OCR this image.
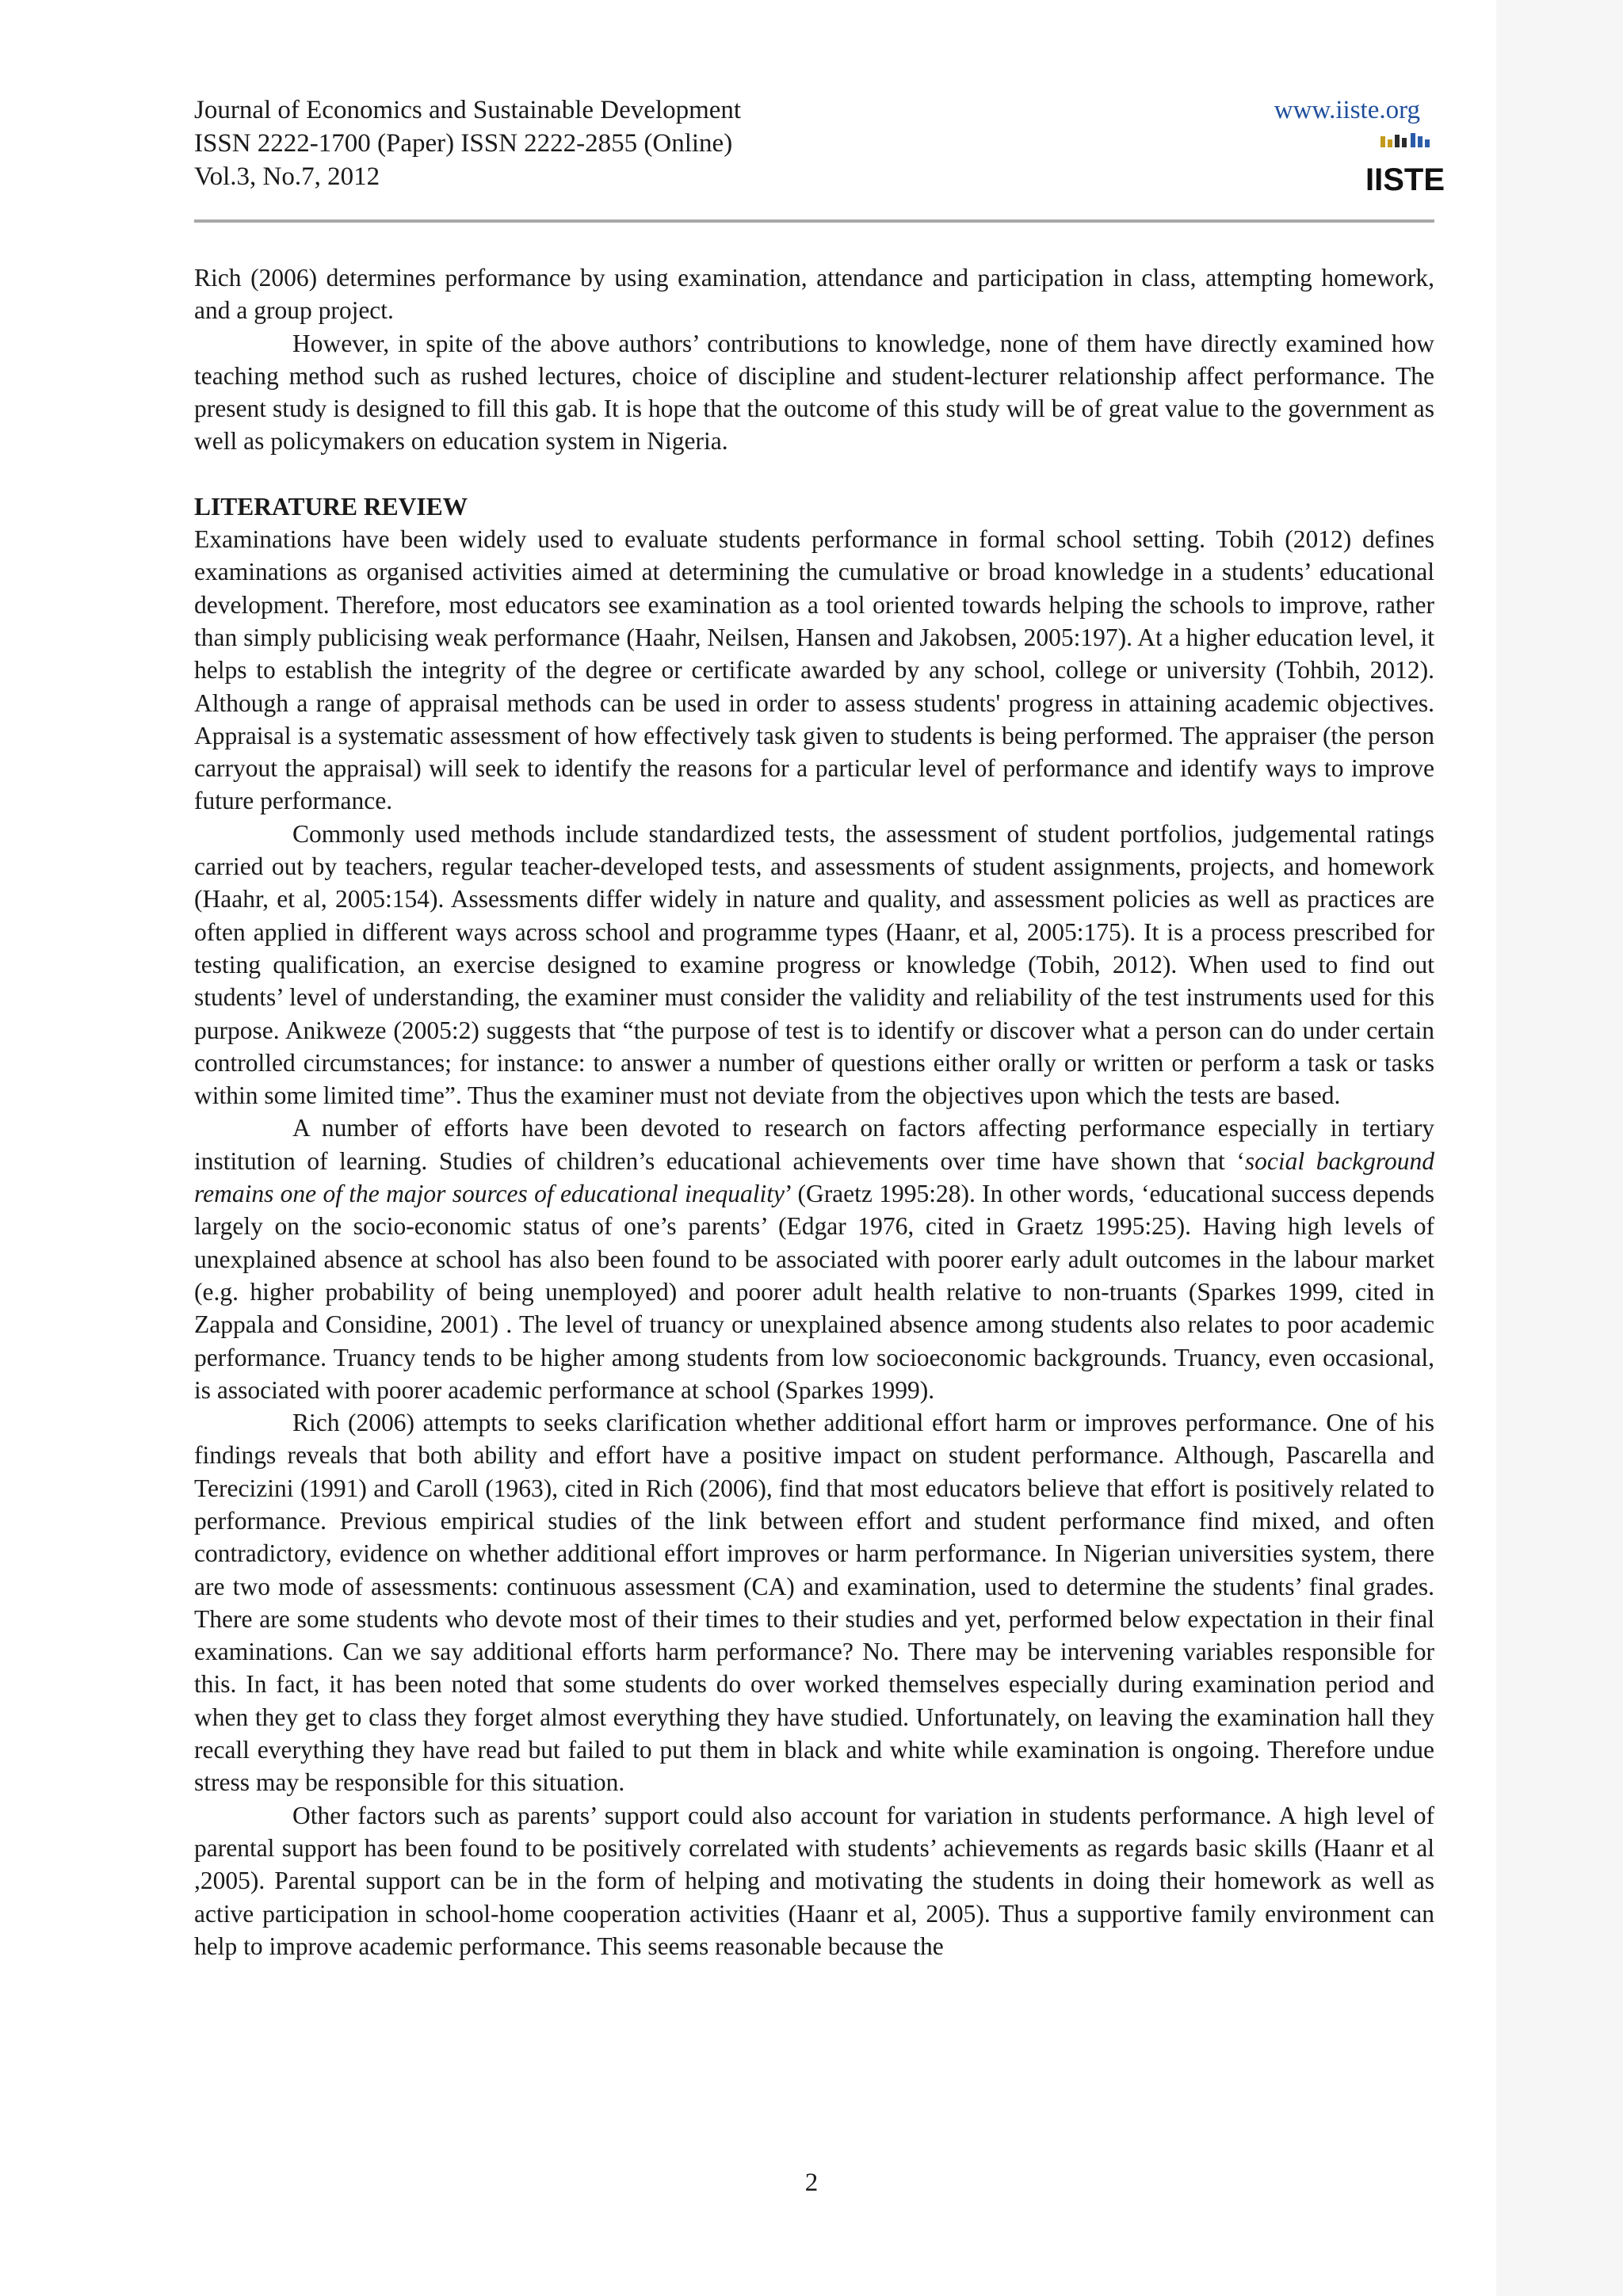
Journal of Economics and Sustainable Development
ISSN 2222-1700 (Paper) ISSN 2222-2855 (Online)
Vol.3, No.7, 2012
www.iiste.org
IISTE

Rich (2006) determines performance by using examination, attendance and participation in class, attempting homework, and a group project.

However, in spite of the above authors’ contributions to knowledge, none of them have directly examined how teaching method such as rushed lectures, choice of discipline and student-lecturer relationship affect performance. The present study is designed to fill this gab. It is hope that the outcome of this study will be of great value to the government as well as policymakers on education system in Nigeria.

LITERATURE REVIEW

Examinations have been widely used to evaluate students performance in formal school setting. Tobih (2012) defines examinations as organised activities aimed at determining the cumulative or broad knowledge in a students’ educational development. Therefore, most educators see examination as a tool oriented towards helping the schools to improve, rather than simply publicising weak performance (Haahr, Neilsen, Hansen and Jakobsen, 2005:197). At a higher education level, it helps to establish the integrity of the degree or certificate awarded by any school, college or university (Tohbih, 2012). Although a range of appraisal methods can be used in order to assess students' progress in attaining academic objectives. Appraisal is a systematic assessment of how effectively task given to students is being performed. The appraiser (the person carryout the appraisal) will seek to identify the reasons for a particular level of performance and identify ways to improve future performance.

Commonly used methods include standardized tests, the assessment of student portfolios, judgemental ratings carried out by teachers, regular teacher-developed tests, and assessments of student assignments, projects, and homework (Haahr, et al, 2005:154). Assessments differ widely in nature and quality, and assessment policies as well as practices are often applied in different ways across school and programme types (Haanr, et al, 2005:175). It is a process prescribed for testing qualification, an exercise designed to examine progress or knowledge (Tobih, 2012). When used to find out students’ level of understanding, the examiner must consider the validity and reliability of the test instruments used for this purpose. Anikweze (2005:2) suggests that “the purpose of test is to identify or discover what a person can do under certain controlled circumstances; for instance: to answer a number of questions either orally or written or perform a task or tasks within some limited time”. Thus the examiner must not deviate from the objectives upon which the tests are based.

A number of efforts have been devoted to research on factors affecting performance especially in tertiary institution of learning. Studies of children’s educational achievements over time have shown that ‘social background remains one of the major sources of educational inequality’ (Graetz 1995:28). In other words, ‘educational success depends largely on the socio-economic status of one’s parents’ (Edgar 1976, cited in Graetz 1995:25). Having high levels of unexplained absence at school has also been found to be associated with poorer early adult outcomes in the labour market (e.g. higher probability of being unemployed) and poorer adult health relative to non-truants (Sparkes 1999, cited in Zappala and Considine, 2001) . The level of truancy or unexplained absence among students also relates to poor academic performance. Truancy tends to be higher among students from low socioeconomic backgrounds. Truancy, even occasional, is associated with poorer academic performance at school (Sparkes 1999).

Rich (2006) attempts to seeks clarification whether additional effort harm or improves performance. One of his findings reveals that both ability and effort have a positive impact on student performance. Although, Pascarella and Terecizini (1991) and Caroll (1963), cited in Rich (2006), find that most educators believe that effort is positively related to performance. Previous empirical studies of the link between effort and student performance find mixed, and often contradictory, evidence on whether additional effort improves or harm performance. In Nigerian universities system, there are two mode of assessments: continuous assessment (CA) and examination, used to determine the students’ final grades. There are some students who devote most of their times to their studies and yet, performed below expectation in their final examinations. Can we say additional efforts harm performance? No. There may be intervening variables responsible for this. In fact, it has been noted that some students do over worked themselves especially during examination period and when they get to class they forget almost everything they have studied. Unfortunately, on leaving the examination hall they recall everything they have read but failed to put them in black and white while examination is ongoing. Therefore undue stress may be responsible for this situation.

Other factors such as parents’ support could also account for variation in students performance. A high level of parental support has been found to be positively correlated with students’ achievements as regards basic skills (Haanr et al ,2005). Parental support can be in the form of helping and motivating the students in doing their homework as well as active participation in school-home cooperation activities (Haanr et al, 2005). Thus a supportive family environment can help to improve academic performance. This seems reasonable because the

2
